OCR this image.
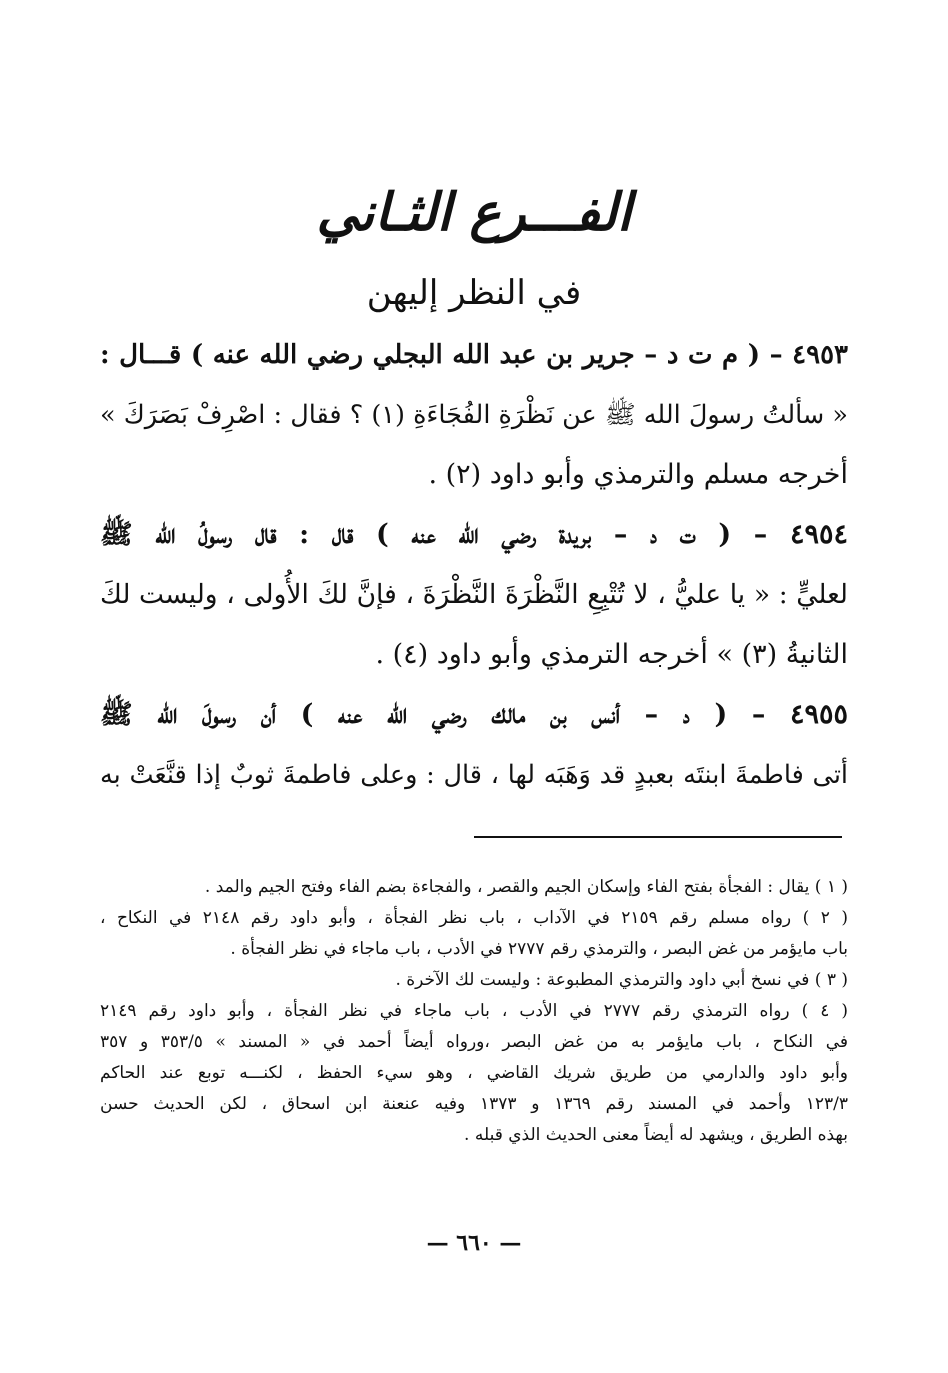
الفـــرع الثـاني
في النظر إليهن
٤٩٥٣ – ( م ت د – جرير بن عبد الله البجلي رضي الله عنه ) قـــال :
« سألتُ رسولَ الله ﷺ عن نَظْرَةِ الفُجَاءَةِ (١) ؟ فقال : اصْرِفْ بَصَرَكَ »
أخرجه مسلم والترمذي وأبو داود (٢) .
٤٩٥٤ – ( ت د – بريدة رضي الله عنه ) قال : قال رسولُ الله ﷺ
لعليٍّ : « يا عليُّ ، لا تُتْبِعِ النَّظْرَةَ النَّظْرَةَ ، فإنَّ لكَ الأُولى ، وليست لكَ
الثانيةُ (٣) » أخرجه الترمذي وأبو داود (٤) .
٤٩٥٥ – ( د – أنس بن مالك رضي الله عنه ) أن رسولَ الله ﷺ
أتى فاطمةَ ابنتَه بعبدٍ قد وَهَبَه لها ، قال : وعلى فاطمةَ ثوبٌ إذا قنَّعَتْ به
( ١ ) يقال : الفجأة بفتح الفاء وإسكان الجيم والقصر ، والفجاءة بضم الفاء وفتح الجيم والمد .
( ٢ ) رواه مسلم رقم ٢١٥٩ في الآداب ، باب نظر الفجأة ، وأبو داود رقم ٢١٤٨ في النكاح ،
باب مايؤمر من غض البصر ، والترمذي رقم ٢٧٧٧ في الأدب ، باب ماجاء في نظر الفجأة .
( ٣ ) في نسخ أبي داود والترمذي المطبوعة : وليست لك الآخرة .
( ٤ ) رواه الترمذي رقم ٢٧٧٧ في الأدب ، باب ماجاء في نظر الفجأة ، وأبو داود رقم ٢١٤٩
في النكاح ، باب مايؤمر به من غض البصر ،ورواه أيضاً أحمد في « المسند » ٣٥٣/٥ و ٣٥٧
وأبو داود والدارمي من طريق شريك القاضي ، وهو سيء الحفظ ، لكنـــه توبع عند الحاكم
١٢٣/٣ وأحمد في المسند رقم ١٣٦٩ و ١٣٧٣ وفيه عنعنة ابن اسحاق ، لكن الحديث حسن
بهذه الطريق ، ويشهد له أيضاً معنى الحديث الذي قبله .
— ٦٦٠ —
